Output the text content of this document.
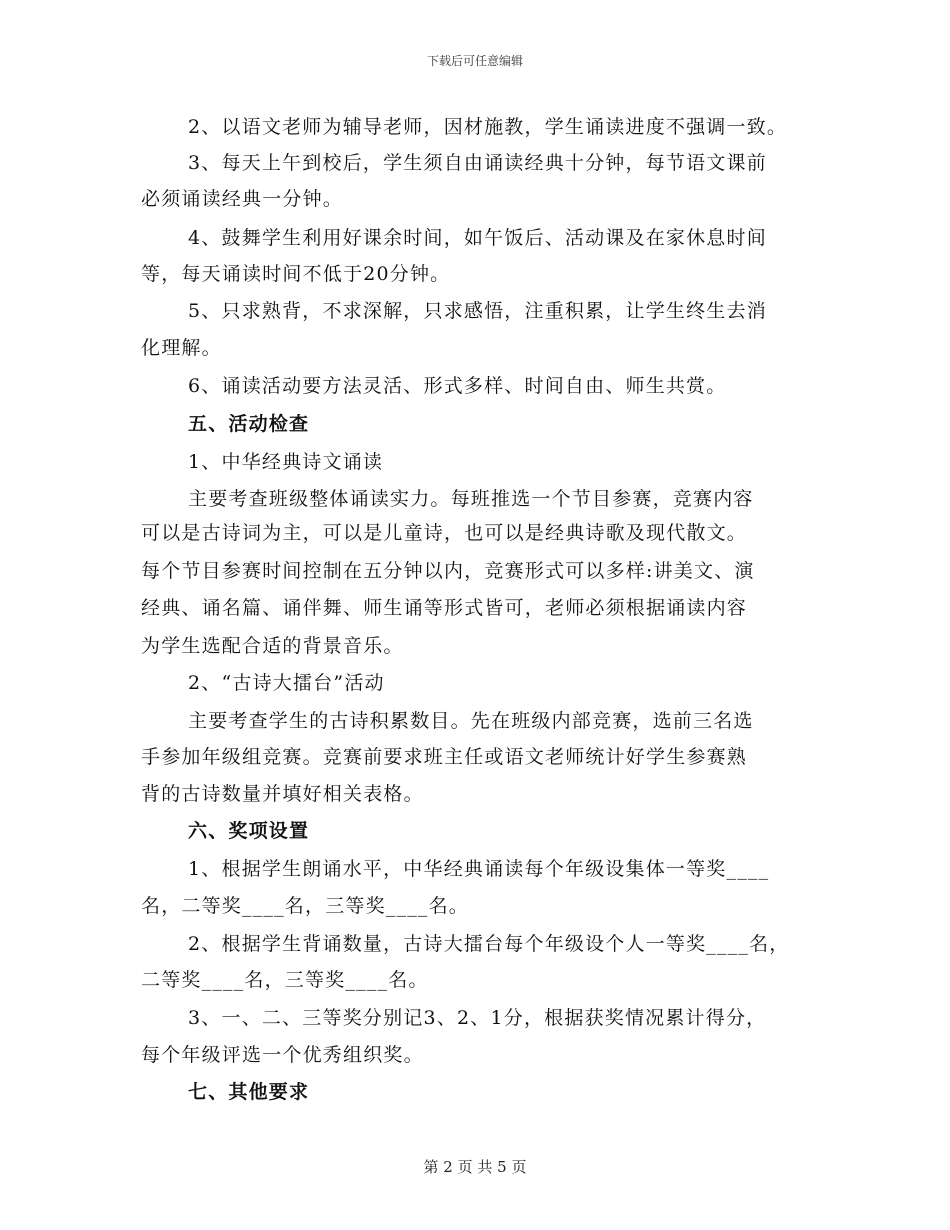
下载后可任意编辑
2、以语文老师为辅导老师，因材施教，学生诵读进度不强调一致。
3、每天上午到校后，学生须自由诵读经典十分钟，每节语文课前
必须诵读经典一分钟。
4、鼓舞学生利用好课余时间，如午饭后、活动课及在家休息时间
等，每天诵读时间不低于20分钟。
5、只求熟背，不求深解，只求感悟，注重积累，让学生终生去消
化理解。
6、诵读活动要方法灵活、形式多样、时间自由、师生共赏。
五、活动检查
1、中华经典诗文诵读
主要考查班级整体诵读实力。每班推选一个节目参赛，竞赛内容
可以是古诗词为主，可以是儿童诗，也可以是经典诗歌及现代散文。
每个节目参赛时间控制在五分钟以内，竞赛形式可以多样:讲美文、演
经典、诵名篇、诵伴舞、师生诵等形式皆可，老师必须根据诵读内容
为学生选配合适的背景音乐。
2、“古诗大擂台”活动
主要考查学生的古诗积累数目。先在班级内部竞赛，选前三名选
手参加年级组竞赛。竞赛前要求班主任或语文老师统计好学生参赛熟
背的古诗数量并填好相关表格。
六、奖项设置
1、根据学生朗诵水平，中华经典诵读每个年级设集体一等奖____
名，二等奖____名，三等奖____名。
2、根据学生背诵数量，古诗大擂台每个年级设个人一等奖____名，
二等奖____名，三等奖____名。
3、一、二、三等奖分别记3、2、1分，根据获奖情况累计得分，
每个年级评选一个优秀组织奖。
七、其他要求
第 2 页 共 5 页
